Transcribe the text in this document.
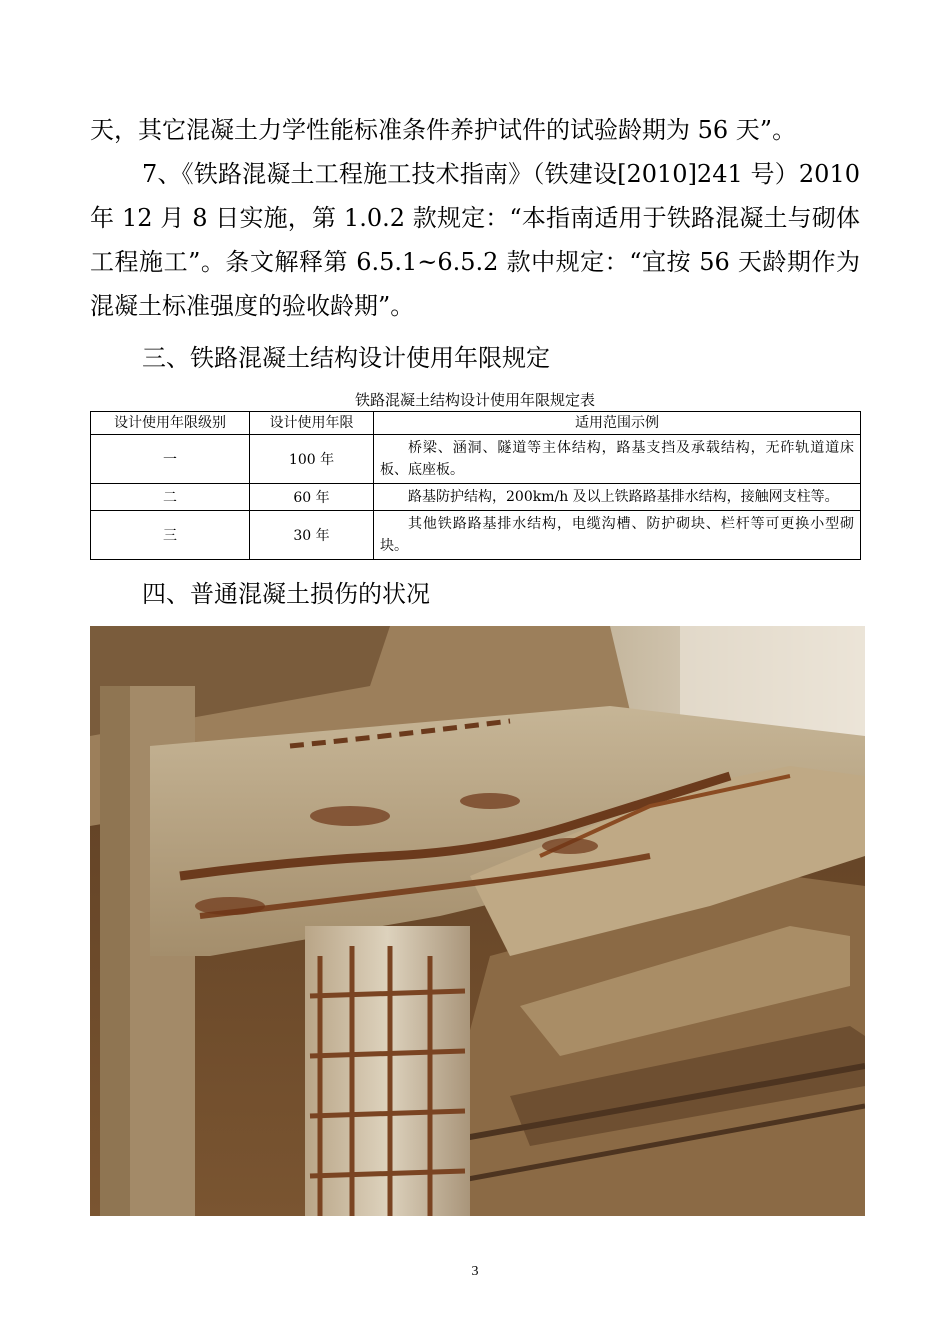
天，其它混凝土力学性能标准条件养护试件的试验龄期为 56 天”。

7、《铁路混凝土工程施工技术指南》（铁建设[2010]241 号）2010 年 12 月 8 日实施，第 1.0.2 款规定：“本指南适用于铁路混凝土与砌体工程施工”。条文解释第 6.5.1~6.5.2 款中规定：“宜按 56 天龄期作为混凝土标准强度的验收龄期”。

三、铁路混凝土结构设计使用年限规定

铁路混凝土结构设计使用年限规定表
设计使用年限级别	设计使用年限	适用范围示例
一	100 年	桥梁、涵洞、隧道等主体结构，路基支挡及承载结构，无砟轨道道床板、底座板。
二	60 年	路基防护结构，200km/h 及以上铁路路基排水结构，接触网支柱等。
三	30 年	其他铁路路基排水结构，电缆沟槽、防护砌块、栏杆等可更换小型砌块。

四、普通混凝土损伤的状况

3
